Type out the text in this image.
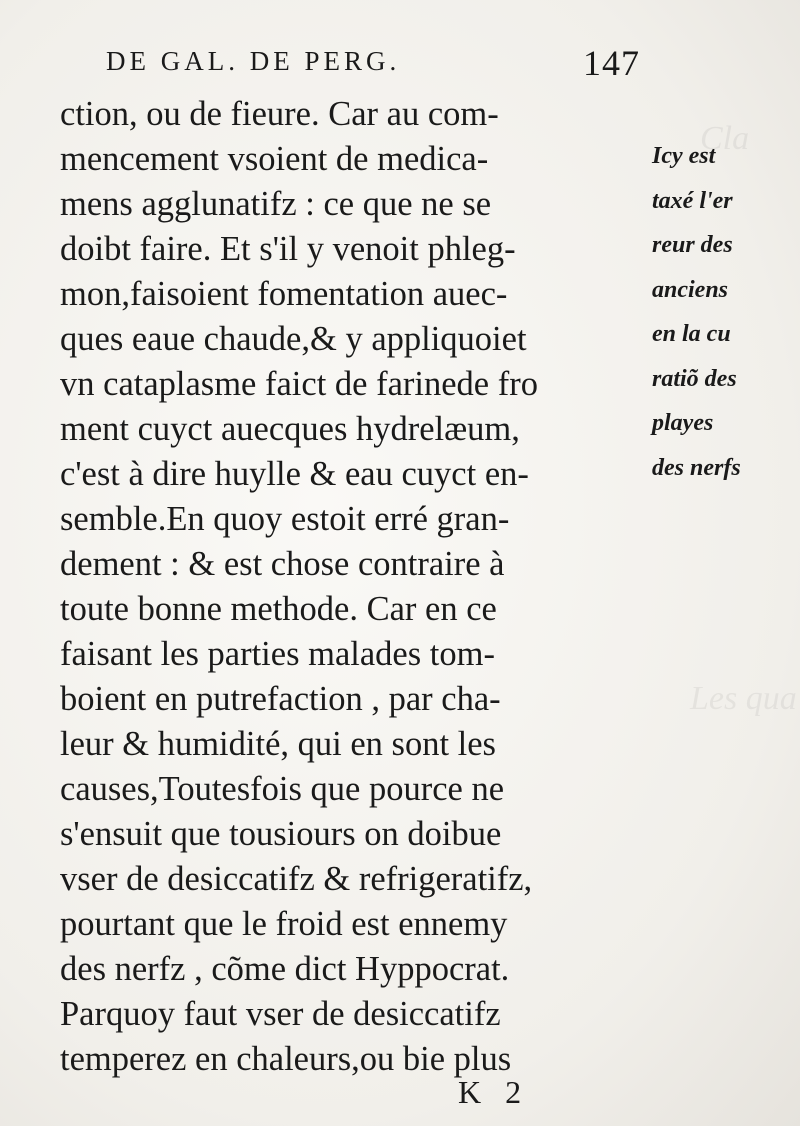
Cla
Les qua
DE GAL. DE PERG.	147
ction, ou de fieure. Car au com-
mencement vsoient de medica-
mens agglunatifz : ce que ne se
doibt faire. Et s'il y venoit phleg-
mon,faisoient fomentation auec-
ques eaue chaude,& y appliquoiet
vn cataplasme faict de farinede fro
ment cuyct auecques hydrelæum,
c'est à dire huylle & eau cuyct en-
semble.En quoy estoit erré gran-
dement : & est chose contraire à
toute bonne methode. Car en ce
faisant les parties malades tom-
boient en putrefaction , par cha-
leur & humidité, qui en sont les
causes,Toutesfois que pource ne
s'ensuit que tousiours on doibue
vser de desiccatifz & refrigeratifz,
pourtant que le froid est ennemy
des nerfz , cõme dict Hyppocrat.
Parquoy faut vser de desiccatifz
temperez en chaleurs,ou bie plus
Icy est
taxé l'er
reur des
anciens
en la cu
ratiõ des
playes
des nerfs
K 2
